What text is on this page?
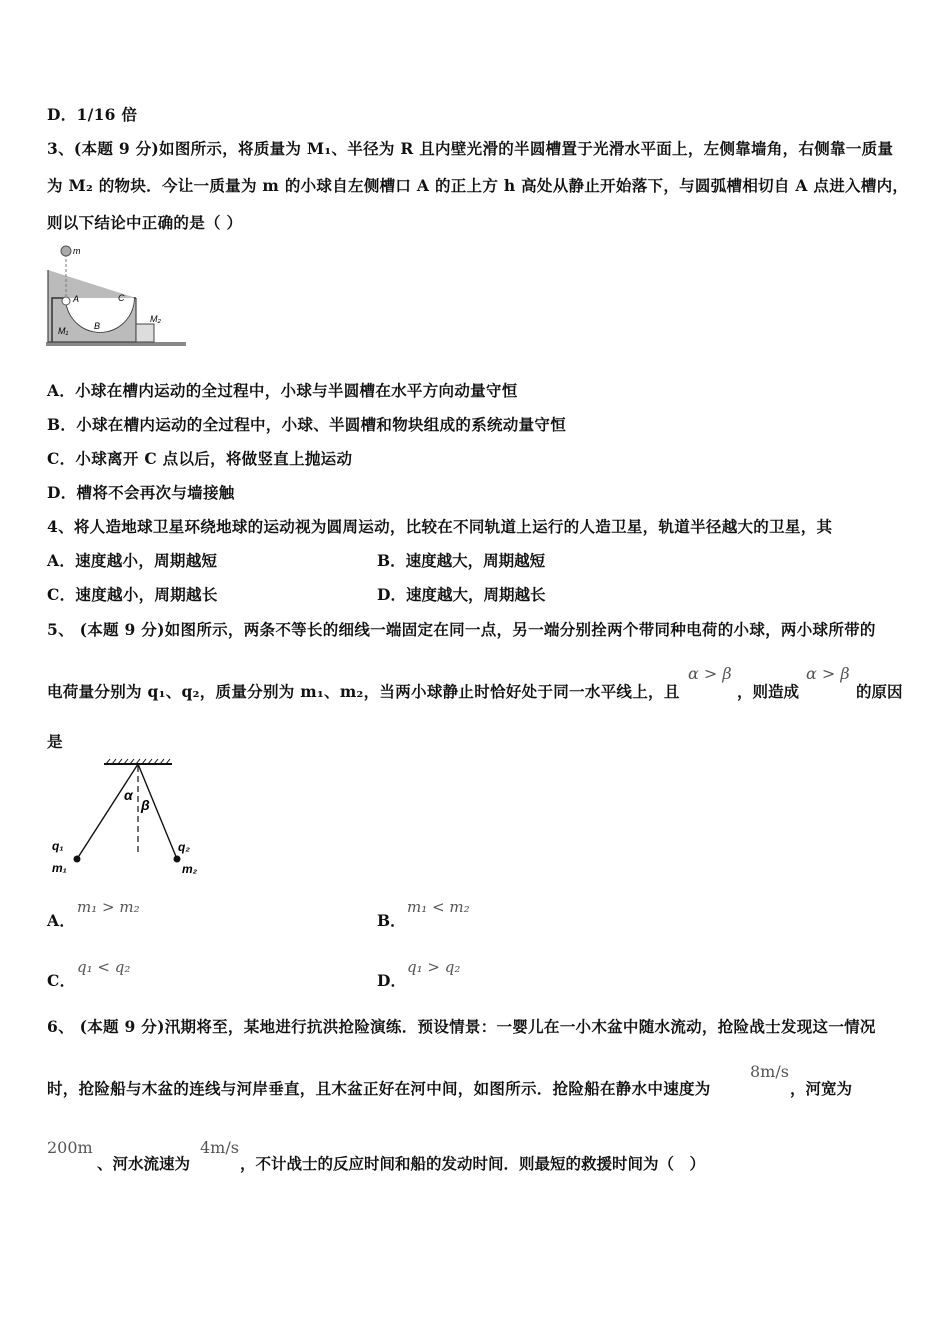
D．1/16 倍
3、(本题 9 分)如图所示，将质量为 M₁、半径为 R 且内壁光滑的半圆槽置于光滑水平面上，左侧靠墙角，右侧靠一质量
为 M₂ 的物块．今让一质量为 m 的小球自左侧槽口 A 的正上方 h 高处从静止开始落下，与圆弧槽相切自 A 点进入槽内，
则以下结论中正确的是（ ）
m
A
B
C
M₁
M₂
A．小球在槽内运动的全过程中，小球与半圆槽在水平方向动量守恒
B．小球在槽内运动的全过程中，小球、半圆槽和物块组成的系统动量守恒
C．小球离开 C 点以后，将做竖直上抛运动
D．槽将不会再次与墙接触
4、将人造地球卫星环绕地球的运动视为圆周运动，比较在不同轨道上运行的人造卫星，轨道半径越大的卫星，其
A．速度越小，周期越短	B．速度越大，周期越短
C．速度越小，周期越长	D．速度越大，周期越长
5、 (本题 9 分)如图所示，两条不等长的细线一端固定在同一点，另一端分别拴两个带同种电荷的小球，两小球所带的
电荷量分别为 q₁、q₂，质量分别为 m₁、m₂，当两小球静止时恰好处于同一水平线上，且
α > β
，则造成
α > β
的原因
是
α
β
q₁
m₁
q₂
m₂
A．
m₁ > m₂
B．
m₁ < m₂
C．
q₁ < q₂
D．
q₁ > q₂
6、 (本题 9 分)汛期将至，某地进行抗洪抢险演练．预设情景：一婴儿在一小木盆中随水流动，抢险战士发现这一情况
时，抢险船与木盆的连线与河岸垂直，且木盆正好在河中间，如图所示．抢险船在静水中速度为
8m/s
，河宽为
200m
、河水流速为
4m/s
，不计战士的反应时间和船的发动时间．则最短的救援时间为（　）
